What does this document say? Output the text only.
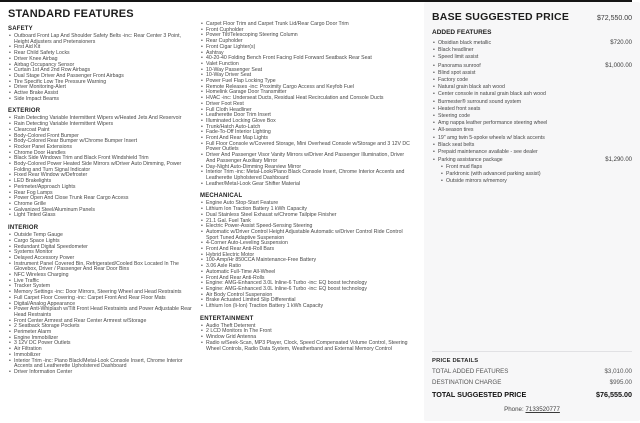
STANDARD FEATURES
SAFETY
• Outboard Front Lap And Shoulder Safety Belts -inc: Rear Center 3 Point, Height Adjusters and Pretensioners
• First Aid Kit
• Rear Child Safety Locks
• Driver Knee Airbag
• Airbag Occupancy Sensor
• Curtain 1st And 2nd Row Airbags
• Dual Stage Driver And Passenger Front Airbags
• Tire Specific Low Tire Pressure Warning
• Driver Monitoring-Alert
• Active Brake Assist
• Side Impact Beams
EXTERIOR
• Rain Detecting Variable Intermittent Wipers w/Heated Jets And Reservoir
• Rain Detecting Variable Intermittent Wipers
• Clearcoat Paint
• Body-Colored Front Bumper
• Body-Colored Rear Bumper w/Chrome Bumper Insert
• Rocker Panel Extensions
• Chrome Door Handles
• Black Side Windows Trim and Black Front Windshield Trim
• Body-Colored Power Heated Side Mirrors w/Driver Auto Dimming, Power Folding and Turn Signal Indicator
• Fixed Rear Window w/Defroster
• LED Brakelights
• Perimeter/Approach Lights
• Rear Fog Lamps
• Power Open And Close Trunk Rear Cargo Access
• Chrome Grille
• Galvanized Steel/Aluminum Panels
• Light Tinted Glass
INTERIOR
• Outside Temp Gauge
• Cargo Space Lights
• Redundant Digital Speedometer
• Systems Monitor
• Delayed Accessory Power
• Instrument Panel Covered Bin, Refrigerated/Cooled Box Located In The Glovebox, Driver / Passenger And Rear Door Bins
• NFC Wireless Charging
• Live Traffic
• Tracker System
• Memory Settings -inc: Door Mirrors, Steering Wheel and Head Restraints
• Full Carpet Floor Covering -inc: Carpet Front And Rear Floor Mats
• Digital/Analog Appearance
• Power Anti-Whiplash w/Tilt Front Head Restraints and Power Adjustable Rear Head Restraints
• Front Center Armrest and Rear Center Armrest w/Storage
• 2 Seatback Storage Pockets
• Perimeter Alarm
• Engine Immobilizer
• 3 12V DC Power Outlets
• Air Filtration
• Immobilizer
• Interior Trim -inc: Piano Black/Metal-Look Console Insert, Chrome Interior Accents and Leatherette Upholstered Dashboard
• Driver Information Center
• Carpet Floor Trim and Carpet Trunk Lid/Rear Cargo Door Trim
• Front Cupholder
• Power Tilt/Telescoping Steering Column
• Rear Cupholder
• Front Cigar Lighter(s)
• Ashtray
• 40-20-40 Folding Bench Front Facing Fold Forward Seatback Rear Seat
• Valet Function
• 10-Way Passenger Seat
• 10-Way Driver Seat
• Power Fuel Flap Locking Type
• Remote Releases -inc: Proximity Cargo Access and Keyfob Fuel
• Homelink Garage Door Transmitter
• HVAC -inc: Underseat Ducts, Residual Heat Recirculation and Console Ducts
• Driver Foot Rest
• Full Cloth Headliner
• Leatherette Door Trim Insert
• Illuminated Locking Glove Box
• Trunk/Hatch Auto-Latch
• Fade-To-Off Interior Lighting
• Front And Rear Map Lights
• Full Floor Console w/Covered Storage, Mini Overhead Console w/Storage and 3 12V DC Power Outlets
• Driver And Passenger Visor Vanity Mirrors w/Driver And Passenger Illumination, Driver And Passenger Auxiliary Mirror
• Day-Night Auto-Dimming Rearview Mirror
• Interior Trim -inc: Metal-Look/Piano Black Console Insert, Chrome Interior Accents and Leatherette Upholstered Dashboard
• Leather/Metal-Look Gear Shifter Material
MECHANICAL
• Engine Auto Stop-Start Feature
• Lithium Ion Traction Battery 1 kWh Capacity
• Dual Stainless Steel Exhaust w/Chrome Tailpipe Finisher
• 21.1 Gal. Fuel Tank
• Electric Power-Assist Speed-Sensing Steering
• Automatic w/Driver Control Height Adjustable Automatic w/Driver Control Ride Control Sport Tuned Adaptive Suspension
• 4-Corner Auto-Leveling Suspension
• Front And Rear Anti-Roll Bars
• Hybrid Electric Motor
• 100-Amp/Hr 850CCA Maintenance-Free Battery
• 3.06 Axle Ratio
• Automatic Full-Time All-Wheel
• Front And Rear Anti-Rolls
• Engine: AMG-Enhanced 3.0L Inline-6 Turbo -inc: EQ boost technology
• Engine: AMG-Enhanced 3.0L Inline-6 Turbo -inc: EQ boost technology
• Air Body Control Suspension
• Brake Actuated Limited Slip Differential
• Lithium Ion (li-Ion) Traction Battery 1 kWh Capacity
ENTERTAINMENT
• Audio Theft Deterrent
• 2 LCD Monitors In The Front
• Window Grid Antenna
• Radio w/Seek-Scan, MP3 Player, Clock, Speed Compensated Volume Control, Steering Wheel Controls, Radio Data System, Weatherband and External Memory Control
BASE SUGGESTED PRICE	$72,550.00
ADDED FEATURES
• Obsidian black metallic	$720.00
• Black headliner
• Speed limit assist
• Panorama sunroof	$1,000.00
• Blind spot assist
• Factory code
• Natural grain black ash wood
• Center console in natural grain black ash wood
• Burmester® surround sound system
• Heated front seats
• Steering code
• Amg nappa leather performance steering wheel
• All-season tires
• 19" amg twin 5-spoke wheels w/ black accents
• Black seat belts
• Prepaid maintenance available - see dealer
• Parking assistance package	$1,290.00
• Front mud flaps
• Parktronic (with advanced parking assist)
• Outside mirrors w/memory
PRICE DETAILS
TOTAL ADDED FEATURES	$3,010.00
DESTINATION CHARGE	$995.00
TOTAL SUGGESTED PRICE	$76,555.00
Phone: 7133520777
